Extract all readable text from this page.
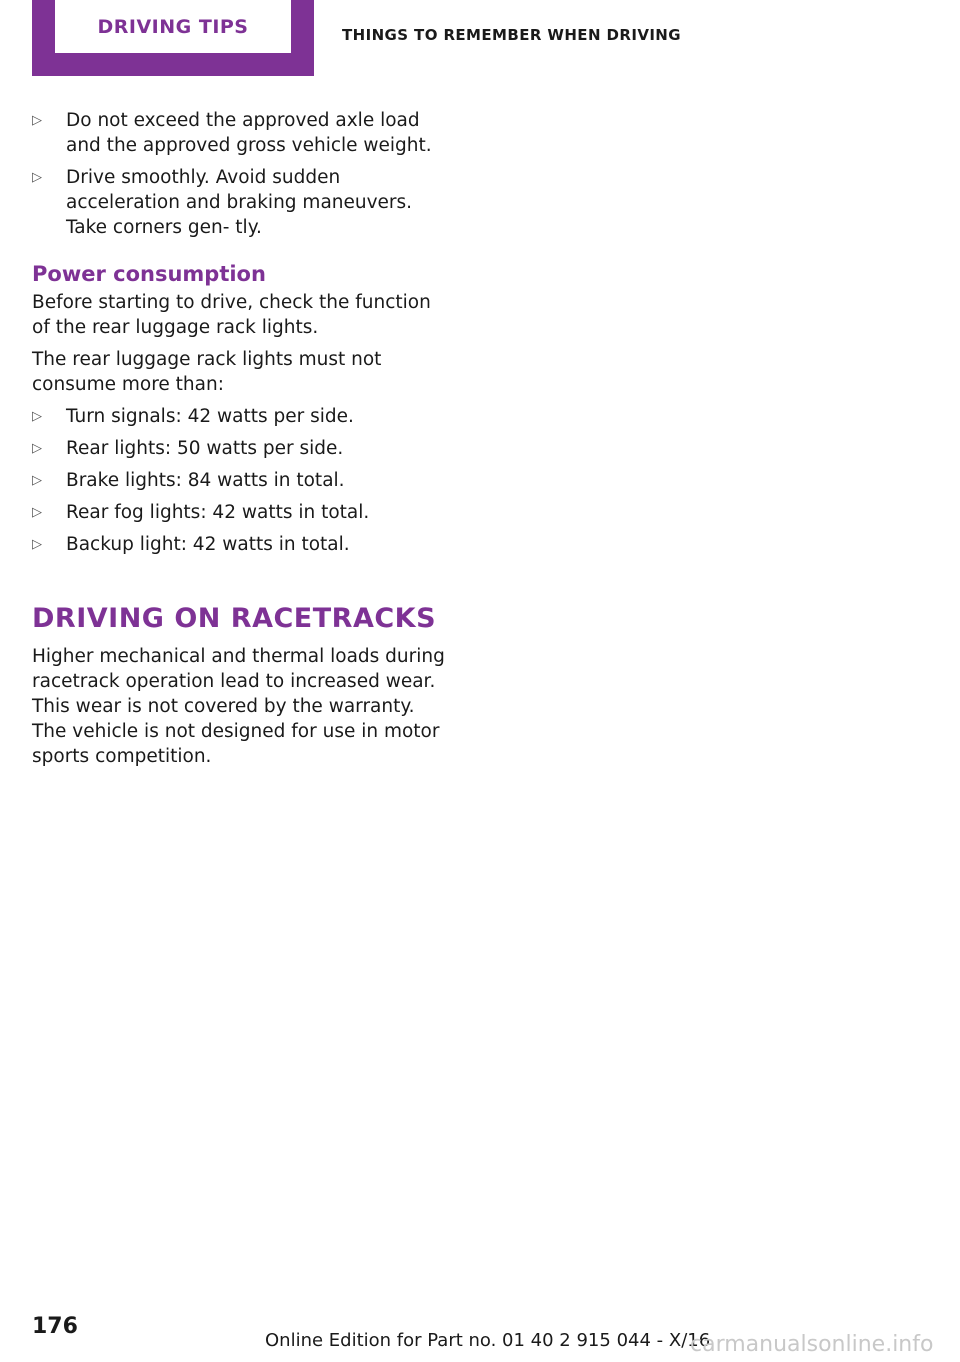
DRIVING TIPS	THINGS TO REMEMBER WHEN DRIVING
▷	Do not exceed the approved axle load and the approved gross vehicle weight.
▷	Drive smoothly. Avoid sudden acceleration and braking maneuvers. Take corners gen‐ tly.
Power consumption

Before starting to drive, check the function of the rear luggage rack lights.

The rear luggage rack lights must not consume more than:

▷	Turn signals: 42 watts per side.
▷	Rear lights: 50 watts per side.
▷	Brake lights: 84 watts in total.
▷	Rear fog lights: 42 watts in total.
▷	Backup light: 42 watts in total.
DRIVING ON RACETRACKS

Higher mechanical and thermal loads during racetrack operation lead to increased wear. This wear is not covered by the warranty. The vehicle is not designed for use in motor sports competition.

176
Online Edition for Part no. 01 40 2 915 044 - X/16
carmanualsonline.info
